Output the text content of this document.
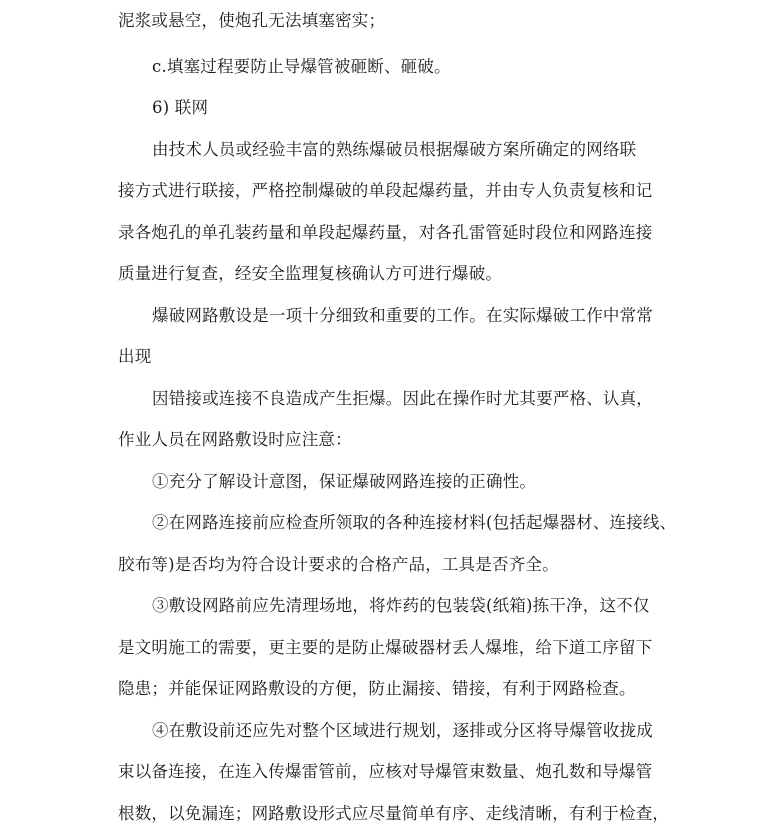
泥浆或悬空，使炮孔无法填塞密实；
c.填塞过程要防止导爆管被砸断、砸破。
6) 联网
由技术人员或经验丰富的熟练爆破员根据爆破方案所确定的网络联
接方式进行联接，严格控制爆破的单段起爆药量，并由专人负责复核和记
录各炮孔的单孔装药量和单段起爆药量，对各孔雷管延时段位和网路连接
质量进行复查，经安全监理复核确认方可进行爆破。
爆破网路敷设是一项十分细致和重要的工作。在实际爆破工作中常常
出现
因错接或连接不良造成产生拒爆。因此在操作时尤其要严格、认真，
作业人员在网路敷设时应注意：
①充分了解设计意图，保证爆破网路连接的正确性。
②在网路连接前应检查所领取的各种连接材料(包括起爆器材、连接线、
胶布等)是否均为符合设计要求的合格产品，工具是否齐全。
③敷设网路前应先清理场地，将炸药的包装袋(纸箱)拣干净，这不仅
是文明施工的需要，更主要的是防止爆破器材丢人爆堆，给下道工序留下
隐患；并能保证网路敷设的方便，防止漏接、错接，有利于网路检查。
④在敷设前还应先对整个区域进行规划，逐排或分区将导爆管收拢成
束以备连接，在连入传爆雷管前，应核对导爆管束数量、炮孔数和导爆管
根数，以免漏连；网路敷设形式应尽量简单有序、走线清晰，有利于检查，
